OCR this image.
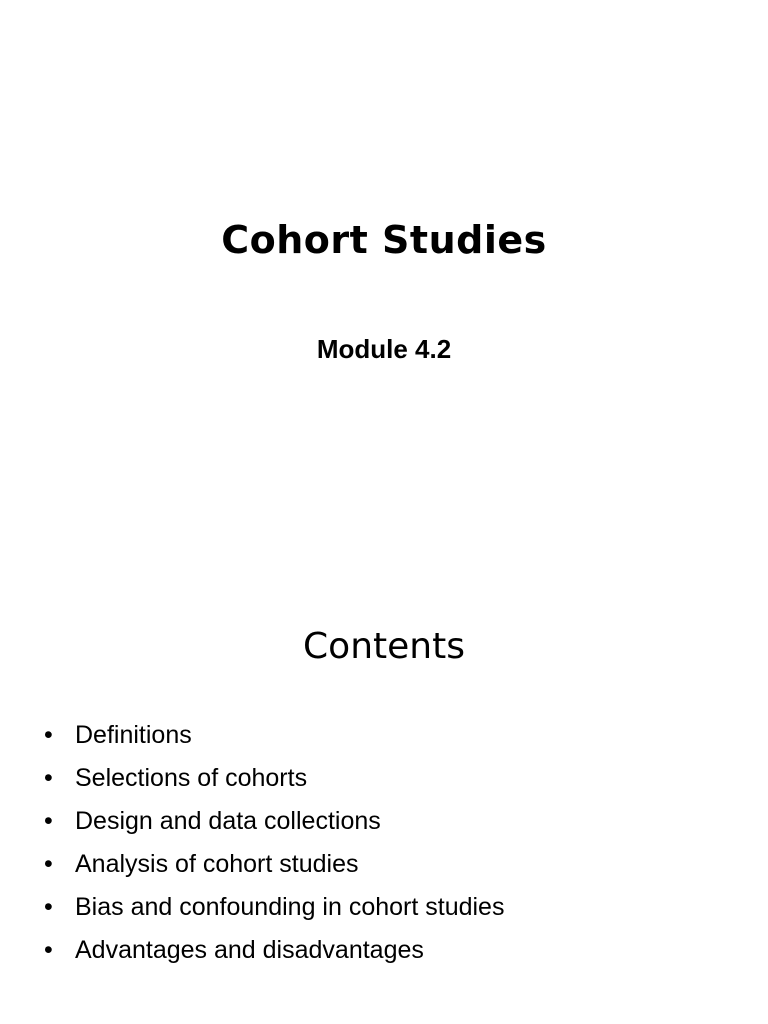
Cohort Studies
Module 4.2
Contents
• Definitions
• Selections of cohorts
• Design and data collections
• Analysis of cohort studies
• Bias and confounding in cohort studies
• Advantages and disadvantages
